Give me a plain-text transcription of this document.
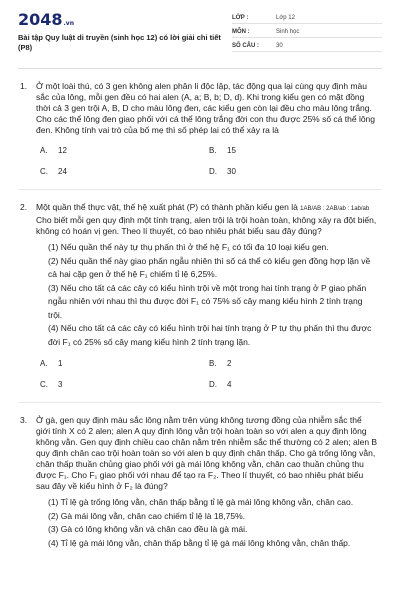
2048.vn
Bài tập Quy luật di truyền (sinh học 12) có lời giải chi tiết (P8)
LỚP :	Lớp 12
MÔN :	Sinh học
SỐ CÂU :	30
1. Ở một loài thú, có 3 gen không alen phân li độc lập, tác động qua lại cùng quy định màu sắc của lông, mỗi gen đều có hai alen (A, a; B, b; D, d). Khi trong kiểu gen có mặt đồng thời cả 3 gen trội A, B, D cho màu lông đen, các kiểu gen còn lại đều cho màu lông trắng. Cho các thể lông đen giao phối với cá thể lông trắng đời con thu được 25% số cá thể lông đen. Không tính vai trò của bố mẹ thì số phép lai có thể xảy ra là

A. 12	B. 15
C. 24	D. 30
2. Một quần thể thực vật, thế hệ xuất phát (P) có thành phần kiểu gen là 1AB/AB : 2AB/ab : 1ab/ab Cho biết mỗi gen quy định một tính trạng, alen trội là trội hoàn toàn, không xảy ra đột biến, không có hoán vị gen. Theo lí thuyết, có bao nhiêu phát biểu sau đây đúng?

(1) Nếu quần thể này tự thụ phấn thì ở thế hệ F₁ có tối đa 10 loại kiểu gen.

(2) Nếu quần thể này giao phấn ngẫu nhiên thì số cá thể có kiểu gen đồng hợp lặn về cả hai cặp gen ở thế hệ F₁ chiếm tỉ lệ 6,25%.

(3) Nếu cho tất cả các cây có kiểu hình trội về một trong hai tính trạng ở P giao phấn ngẫu nhiên với nhau thì thu được đời F₁ có 75% số cây mang kiểu hình 2 tính trạng trội.

(4) Nếu cho tất cả các cây có kiểu hình trội hai tính trạng ở P tự thụ phấn thì thu được đời F₁ có 25% số cây mang kiểu hình 2 tính trạng lặn.

A. 1	B. 2
C. 3	D. 4
3. Ở gà, gen quy định màu sắc lông nằm trên vùng không tương đồng của nhiễm sắc thể giới tính X có 2 alen; alen A quy định lông vằn trội hoàn toàn so với alen a quy định lông không vằn. Gen quy định chiều cao chân nằm trên nhiễm sắc thể thường có 2 alen; alen B quy định chân cao trội hoàn toàn so với alen b quy định chân thấp. Cho gà trống lông vằn, chân thấp thuần chủng giao phối với gà mái lông không vằn, chân cao thuần chủng thu được F₁. Cho F₁ giao phối với nhau để tạo ra F₂. Theo lí thuyết, có bao nhiêu phát biểu sau đây về kiểu hình ở F₂ là đúng?

(1) Tỉ lệ gà trống lông vằn, chân thấp bằng tỉ lệ gà mái lông không vằn, chân cao.

(2) Gà mái lông vằn, chân cao chiếm tỉ lệ là 18,75%.

(3) Gà có lông không vằn và chân cao đều là gà mái.

(4) Tỉ lệ gà mái lông vằn, chân thấp bằng tỉ lệ gà mái lông không vằn, chân thấp.
